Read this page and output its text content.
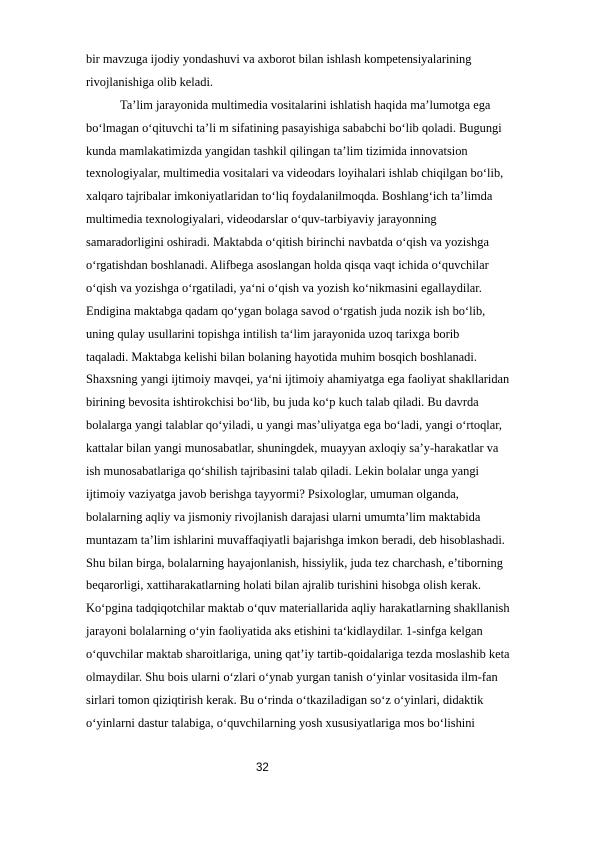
bir mavzuga ijodiy yondashuvi va axborot bilan ishlash kompetensiyalarining
rivojlanishiga olib keladi.
Ta’lim jarayonida multimedia vositalarini ishlatish haqida ma’lumotga ega
bo‘lmagan o‘qituvchi ta’li m sifatining pasayishiga sababchi bo‘lib qoladi. Bugungi
kunda mamlakatimizda yangidan tashkil qilingan ta’lim tizimida innovatsion
texnologiyalar, multimedia vositalari va videodars loyihalari ishlab chiqilgan bo‘lib,
xalqaro tajribalar imkoniyatlaridan to‘liq foydalanilmoqda. Boshlang‘ich ta’limda
multimedia texnologiyalari, videodarslar o‘quv-tarbiyaviy jarayonning
samaradorligini oshiradi. Maktabda o‘qitish birinchi navbatda o‘qish va yozishga
o‘rgatishdan boshlanadi. Alifbega asoslangan holda qisqa vaqt ichida o‘quvchilar
o‘qish va yozishga o‘rgatiladi, ya‘ni o‘qish va yozish ko‘nikmasini egallaydilar.
Endigina maktabga qadam qo‘ygan bolaga savod o‘rgatish juda nozik ish bo‘lib,
uning qulay usullarini topishga intilish ta‘lim jarayonida uzoq tarixga borib
taqaladi. Maktabga kelishi bilan bolaning hayotida muhim bosqich boshlanadi.
Shaxsning yangi ijtimoiy mavqei, ya‘ni ijtimoiy ahamiyatga ega faoliyat shakllaridan
birining bevosita ishtirokchisi bo‘lib, bu juda ko‘p kuch talab qiladi. Bu davrda
bolalarga yangi talablar qo‘yiladi, u yangi mas’uliyatga ega bo‘ladi, yangi o‘rtoqlar,
kattalar bilan yangi munosabatlar, shuningdek, muayyan axloqiy sa’y-harakatlar va
ish munosabatlariga qo‘shilish tajribasini talab qiladi. Lekin bolalar unga yangi
ijtimoiy vaziyatga javob berishga tayyormi? Psixologlar, umuman olganda,
bolalarning aqliy va jismoniy rivojlanish darajasi ularni umumta’lim maktabida
muntazam ta’lim ishlarini muvaffaqiyatli bajarishga imkon beradi, deb hisoblashadi.
Shu bilan birga, bolalarning hayajonlanish, hissiylik, juda tez charchash, e’tiborning
beqarorligi, xattiharakatlarning holati bilan ajralib turishini hisobga olish kerak.
Ko‘pgina tadqiqotchilar maktab o‘quv materiallarida aqliy harakatlarning shakllanish
jarayoni bolalarning o‘yin faoliyatida aks etishini ta‘kidlaydilar. 1-sinfga kelgan
o‘quvchilar maktab sharoitlariga, uning qat’iy tartib-qoidalariga tezda moslashib keta
olmaydilar. Shu bois ularni o‘zlari o‘ynab yurgan tanish o‘yinlar vositasida ilm-fan
sirlari tomon qiziqtirish kerak. Bu o‘rinda o‘tkaziladigan so‘z o‘yinlari, didaktik
o‘yinlarni dastur talabiga, o‘quvchilarning yosh xususiyatlariga mos bo‘lishini
32
